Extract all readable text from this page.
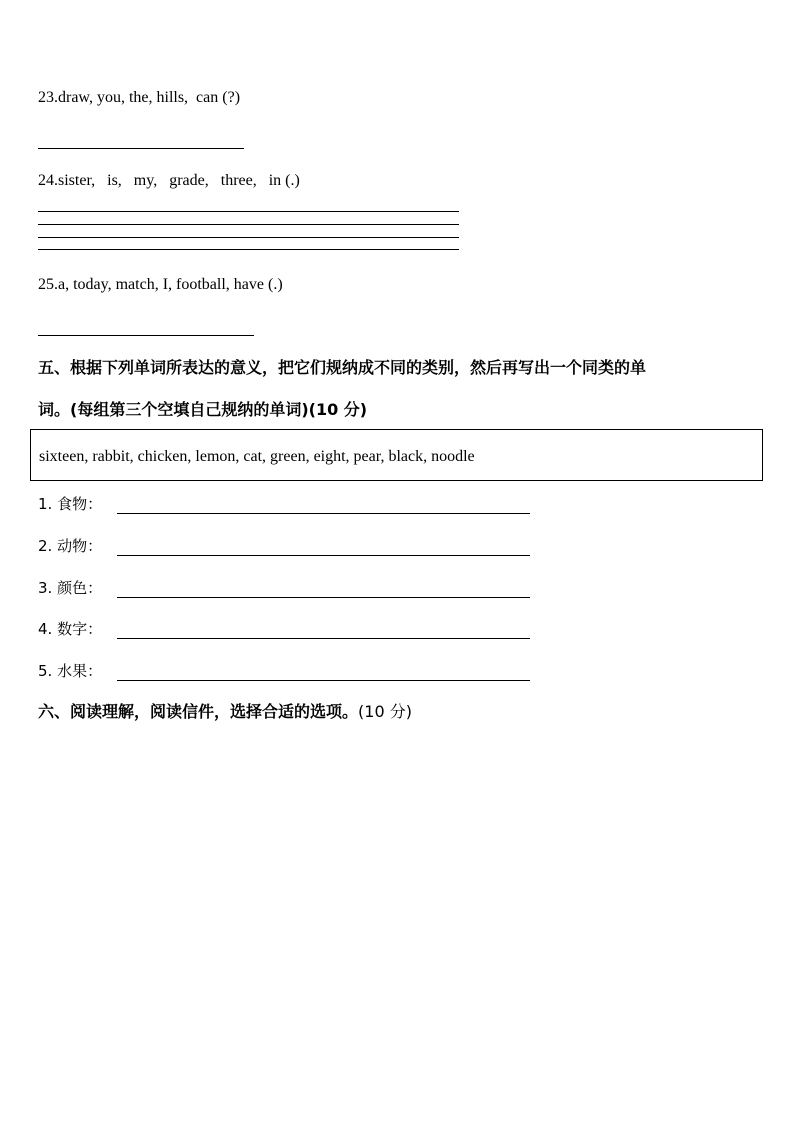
23.draw, you, the, hills,  can (?)
24.sister,   is,   my,   grade,   three,   in (.)
25.a, today, match, I, football, have (.)
五、根据下列单词所表达的意义，把它们规纳成不同的类别，然后再写出一个同类的单
词。(每组第三个空填自己规纳的单词)(10 分)
sixteen, rabbit, chicken, lemon, cat, green, eight, pear, black, noodle
1. 食物：
2. 动物：
3. 颜色：
4. 数字：
5. 水果：
六、阅读理解，阅读信件，选择合适的选项。(10 分)
